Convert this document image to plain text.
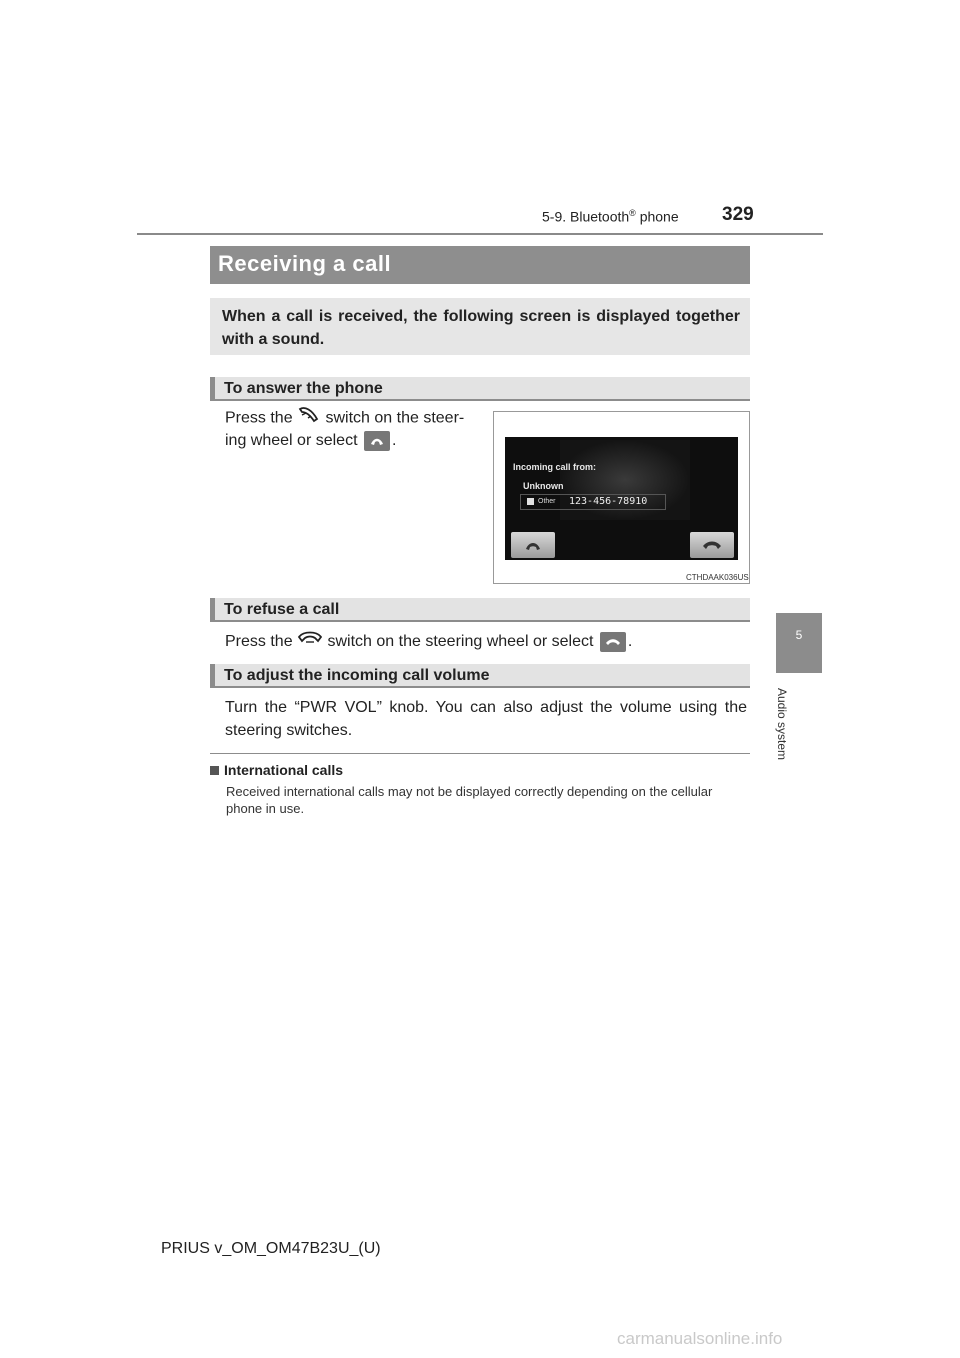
5-9. Bluetooth® phone 329
5
Audio system
Receiving a call
When a call is received, the following screen is displayed together with a sound.
To answer the phone
Press the switch on the steer-
ing wheel or select .
Incoming call from:
Unknown
Other 123-456-78910
CTHDAAK036US
To refuse a call
Press the switch on the steering wheel or select .
To adjust the incoming call volume
Turn the “PWR VOL” knob. You can also adjust the volume using the steering switches.
International calls
Received international calls may not be displayed correctly depending on the cellular phone in use.
PRIUS v_OM_OM47B23U_(U)
carmanualsonline.info
